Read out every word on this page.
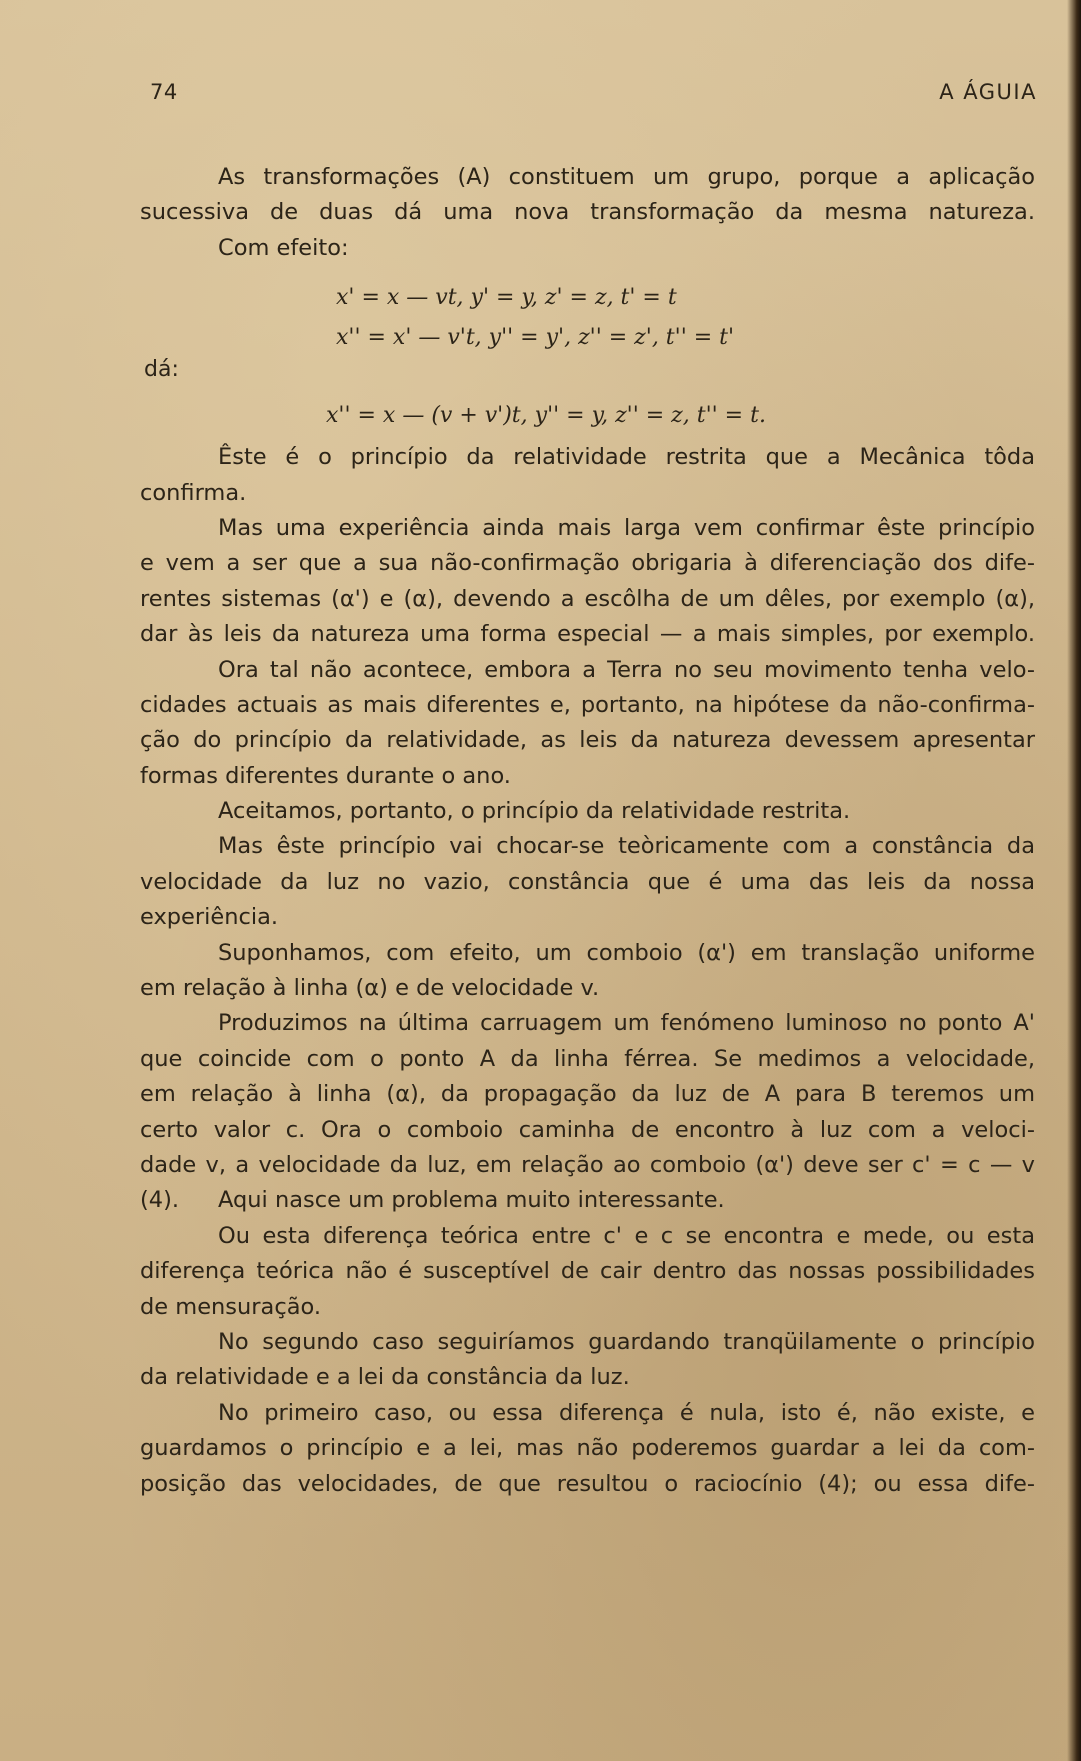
74	A ÁGUIA
As transformações (A) constituem um grupo, porque a aplicação
sucessiva de duas dá uma nova transformação da mesma natureza.
Com efeito:
x' = x — vt, y' = y, z' = z, t' = t
x'' = x' — v't, y'' = y', z'' = z', t'' = t'
dá:
x'' = x — (v + v')t, y'' = y, z'' = z, t'' = t.
Êste é o princípio da relatividade restrita que a Mecânica tôda
confirma.
Mas uma experiência ainda mais larga vem confirmar êste princípio
e vem a ser que a sua não-confirmação obrigaria à diferenciação dos dife-
rentes sistemas (α') e (α), devendo a escôlha de um dêles, por exemplo (α),
dar às leis da natureza uma forma especial — a mais simples, por exemplo.
Ora tal não acontece, embora a Terra no seu movimento tenha velo-
cidades actuais as mais diferentes e, portanto, na hipótese da não-confirma-
ção do princípio da relatividade, as leis da natureza devessem apresentar
formas diferentes durante o ano.
Aceitamos, portanto, o princípio da relatividade restrita.
Mas êste princípio vai chocar-se teòricamente com a constância da
velocidade da luz no vazio, constância que é uma das leis da nossa
experiência.
Suponhamos, com efeito, um comboio (α') em translação uniforme
em relação à linha (α) e de velocidade v.
Produzimos na última carruagem um fenómeno luminoso no ponto A'
que coincide com o ponto A da linha férrea. Se medimos a velocidade,
em relação à linha (α), da propagação da luz de A para B teremos um
certo valor c. Ora o comboio caminha de encontro à luz com a veloci-
dade v, a velocidade da luz, em relação ao comboio (α') deve ser c' = c — v (4).	Aqui nasce um problema muito interessante.
Ou esta diferença teórica entre c' e c se encontra e mede, ou esta
diferença teórica não é susceptível de cair dentro das nossas possibilidades
de mensuração.
No segundo caso seguiríamos guardando tranqüilamente o princípio
da relatividade e a lei da constância da luz.
No primeiro caso, ou essa diferença é nula, isto é, não existe, e
guardamos o princípio e a lei, mas não poderemos guardar a lei da com-
posição das velocidades, de que resultou o raciocínio (4); ou essa dife-
